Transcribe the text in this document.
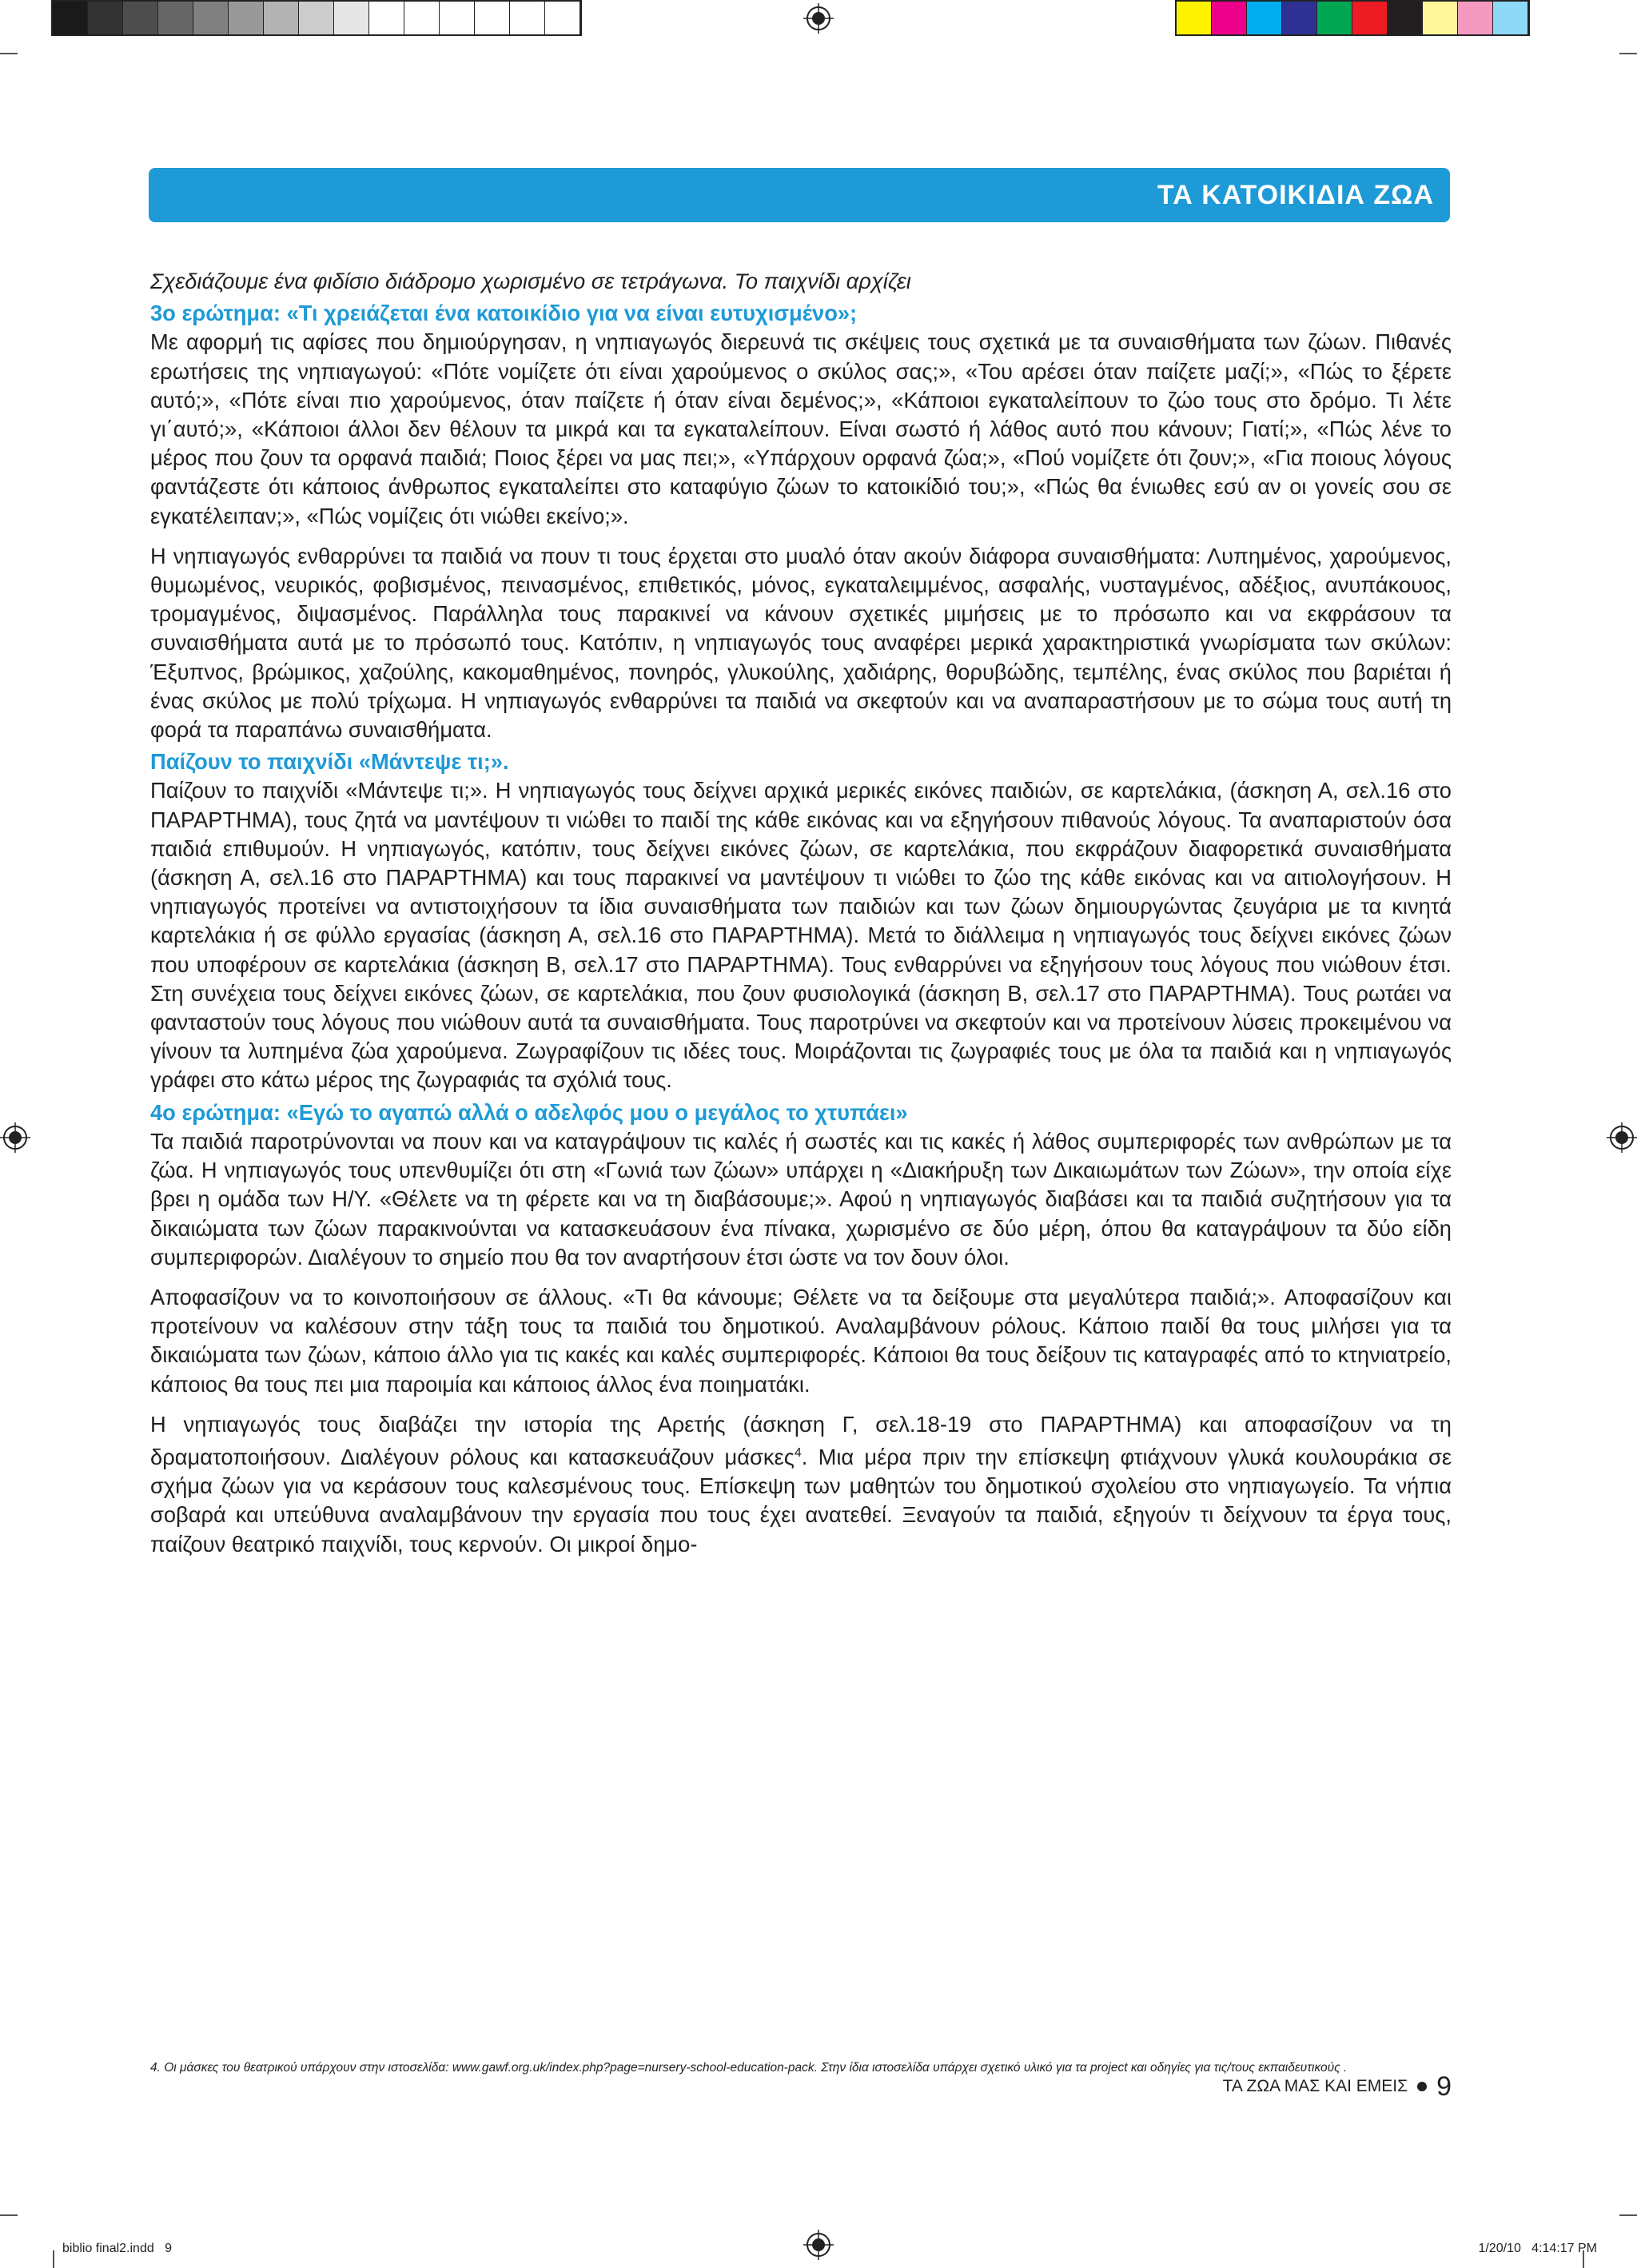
ΤΑ ΚΑΤΟΙΚΙΔΙΑ ΖΩΑ

Σχεδιάζουμε ένα φιδίσιο διάδρομο χωρισμένο σε τετράγωνα. Το παιχνίδι αρχίζει

3ο ερώτημα: «Τι χρειάζεται ένα κατοικίδιο για να είναι ευτυχισμένο»;

Με αφορμή τις αφίσες που δημιούργησαν, η νηπιαγωγός διερευνά τις σκέψεις τους σχετικά με τα συναισθήματα των ζώων. Πιθανές ερωτήσεις της νηπιαγωγού: «Πότε νομίζετε ότι είναι χαρούμενος ο σκύλος σας;», «Του αρέσει όταν παίζετε μαζί;», «Πώς το ξέρετε αυτό;», «Πότε είναι πιο χαρούμενος, όταν παίζετε ή όταν είναι δεμένος;», «Κάποιοι εγκαταλείπουν το ζώο τους στο δρόμο. Τι λέτε γι΄αυτό;», «Κάποιοι άλλοι δεν θέλουν τα μικρά και τα εγκαταλείπουν. Είναι σωστό ή λάθος αυτό που κάνουν; Γιατί;», «Πώς λένε το μέρος που ζουν τα ορφανά παιδιά; Ποιος ξέρει να μας πει;», «Υπάρχουν ορφανά ζώα;», «Πού νομίζετε ότι ζουν;», «Για ποιους λόγους φαντάζεστε ότι κάποιος άνθρωπος εγκαταλείπει στο καταφύγιο ζώων το κατοικίδιό του;», «Πώς θα ένιωθες εσύ αν οι γονείς σου σε εγκατέλειπαν;», «Πώς νομίζεις ότι νιώθει εκείνο;».

Η νηπιαγωγός ενθαρρύνει τα παιδιά να πουν τι τους έρχεται στο μυαλό όταν ακούν διάφορα συναισθήματα: Λυπημένος, χαρούμενος, θυμωμένος, νευρικός, φοβισμένος, πεινασμένος, επιθετικός, μόνος, εγκαταλειμμένος, ασφαλής, νυσταγμένος, αδέξιος, ανυπάκουος, τρομαγμένος, διψασμένος. Παράλληλα τους παρακινεί να κάνουν σχετικές μιμήσεις με το πρόσωπο και να εκφράσουν τα συναισθήματα αυτά με το πρόσωπό τους. Κατόπιν, η νηπιαγωγός τους αναφέρει μερικά χαρακτηριστικά γνωρίσματα των σκύλων: Έξυπνος, βρώμικος, χαζούλης, κακομαθημένος, πονηρός, γλυκούλης, χαδιάρης, θορυβώδης, τεμπέλης, ένας σκύλος που βαριέται ή ένας σκύλος με πολύ τρίχωμα. Η νηπιαγωγός ενθαρρύνει τα παιδιά να σκεφτούν και να αναπαραστήσουν με το σώμα τους αυτή τη φορά τα παραπάνω συναισθήματα.

Παίζουν το παιχνίδι «Μάντεψε τι;».

Παίζουν το παιχνίδι «Μάντεψε τι;». Η νηπιαγωγός τους δείχνει αρχικά μερικές εικόνες παιδιών, σε καρτελάκια, (άσκηση Α, σελ.16 στο ΠΑΡΑΡΤΗΜΑ), τους ζητά να μαντέψουν τι νιώθει το παιδί της κάθε εικόνας και να εξηγήσουν πιθανούς λόγους. Τα αναπαριστούν όσα παιδιά επιθυμούν. Η νηπιαγωγός, κατόπιν, τους δείχνει εικόνες ζώων, σε καρτελάκια, που εκφράζουν διαφορετικά συναισθήματα (άσκηση Α, σελ.16 στο ΠΑΡΑΡΤΗΜΑ) και τους παρακινεί να μαντέψουν τι νιώθει το ζώο της κάθε εικόνας και να αιτιολογήσουν. Η νηπιαγωγός προτείνει να αντιστοιχήσουν τα ίδια συναισθήματα των παιδιών και των ζώων δημιουργώντας ζευγάρια με τα κινητά καρτελάκια ή σε φύλλο εργασίας (άσκηση Α, σελ.16 στο ΠΑΡΑΡΤΗΜΑ). Μετά το διάλλειμα η νηπιαγωγός τους δείχνει εικόνες ζώων που υποφέρουν σε καρτελάκια (άσκηση Β, σελ.17 στο ΠΑΡΑΡΤΗΜΑ). Τους ενθαρρύνει να εξηγήσουν τους λόγους που νιώθουν έτσι. Στη συνέχεια τους δείχνει εικόνες ζώων, σε καρτελάκια, που ζουν φυσιολογικά (άσκηση Β, σελ.17 στο ΠΑΡΑΡΤΗΜΑ). Τους ρωτάει να φανταστούν τους λόγους που νιώθουν αυτά τα συναισθήματα. Τους παροτρύνει να σκεφτούν και να προτείνουν λύσεις προκειμένου να γίνουν τα λυπημένα ζώα χαρούμενα. Ζωγραφίζουν τις ιδέες τους. Μοιράζονται τις ζωγραφιές τους με όλα τα παιδιά και η νηπιαγωγός γράφει στο κάτω μέρος της ζωγραφιάς τα σχόλιά τους.

4ο ερώτημα: «Εγώ το αγαπώ αλλά ο αδελφός μου ο μεγάλος το χτυπάει»

Τα παιδιά παροτρύνονται να πουν και να καταγράψουν τις καλές ή σωστές και τις κακές ή λάθος συμπεριφορές των ανθρώπων με τα ζώα. Η νηπιαγωγός τους υπενθυμίζει ότι στη «Γωνιά των ζώων» υπάρχει η «Διακήρυξη των Δικαιωμάτων των Ζώων», την οποία είχε βρει η ομάδα των Η/Υ. «Θέλετε να τη φέρετε και να τη διαβάσουμε;». Αφού η νηπιαγωγός διαβάσει και τα παιδιά συζητήσουν για τα δικαιώματα των ζώων παρακινούνται να κατασκευάσουν ένα πίνακα, χωρισμένο σε δύο μέρη, όπου θα καταγράψουν τα δύο είδη συμπεριφορών. Διαλέγουν το σημείο που θα τον αναρτήσουν έτσι ώστε να τον δουν όλοι.

Αποφασίζουν να το κοινοποιήσουν σε άλλους. «Τι θα κάνουμε; Θέλετε να τα δείξουμε στα μεγαλύτερα παιδιά;». Αποφασίζουν και προτείνουν να καλέσουν στην τάξη τους τα παιδιά του δημοτικού. Αναλαμβάνουν ρόλους. Κάποιο παιδί θα τους μιλήσει για τα δικαιώματα των ζώων, κάποιο άλλο για τις κακές και καλές συμπεριφορές. Κάποιοι θα τους δείξουν τις καταγραφές από το κτηνιατρείο, κάποιος θα τους πει μια παροιμία και κάποιος άλλος ένα ποιηματάκι.

Η νηπιαγωγός τους διαβάζει την ιστορία της Αρετής (άσκηση Γ, σελ.18-19 στο ΠΑΡΑΡΤΗΜΑ) και αποφασίζουν να τη δραματοποιήσουν. Διαλέγουν ρόλους και κατασκευάζουν μάσκες$^4$. Μια μέρα πριν την επίσκεψη φτιάχνουν γλυκά κουλουράκια σε σχήμα ζώων για να κεράσουν τους καλεσμένους τους. Επίσκεψη των μαθητών του δημοτικού σχολείου στο νηπιαγωγείο. Τα νήπια σοβαρά και υπεύθυνα αναλαμβάνουν την εργασία που τους έχει ανατεθεί. Ξεναγούν τα παιδιά, εξηγούν τι δείχνουν τα έργα τους, παίζουν θεατρικό παιχνίδι, τους κερνούν. Οι μικροί δημο-

4. Οι μάσκες του θεατρικού υπάρχουν στην ιστοσελίδα: www.gawf.org.uk/index.php?page=nursery-school-education-pack. Στην ίδια ιστοσελίδα υπάρχει σχετικό υλικό για τα project και οδηγίες για τις/τους εκπαιδευτικούς .
ΤΑ ΖΩΑ ΜΑΣ ΚΑΙ ΕΜΕΙΣ 9
biblio final2.indd   9	1/20/10   4:14:17 PM
